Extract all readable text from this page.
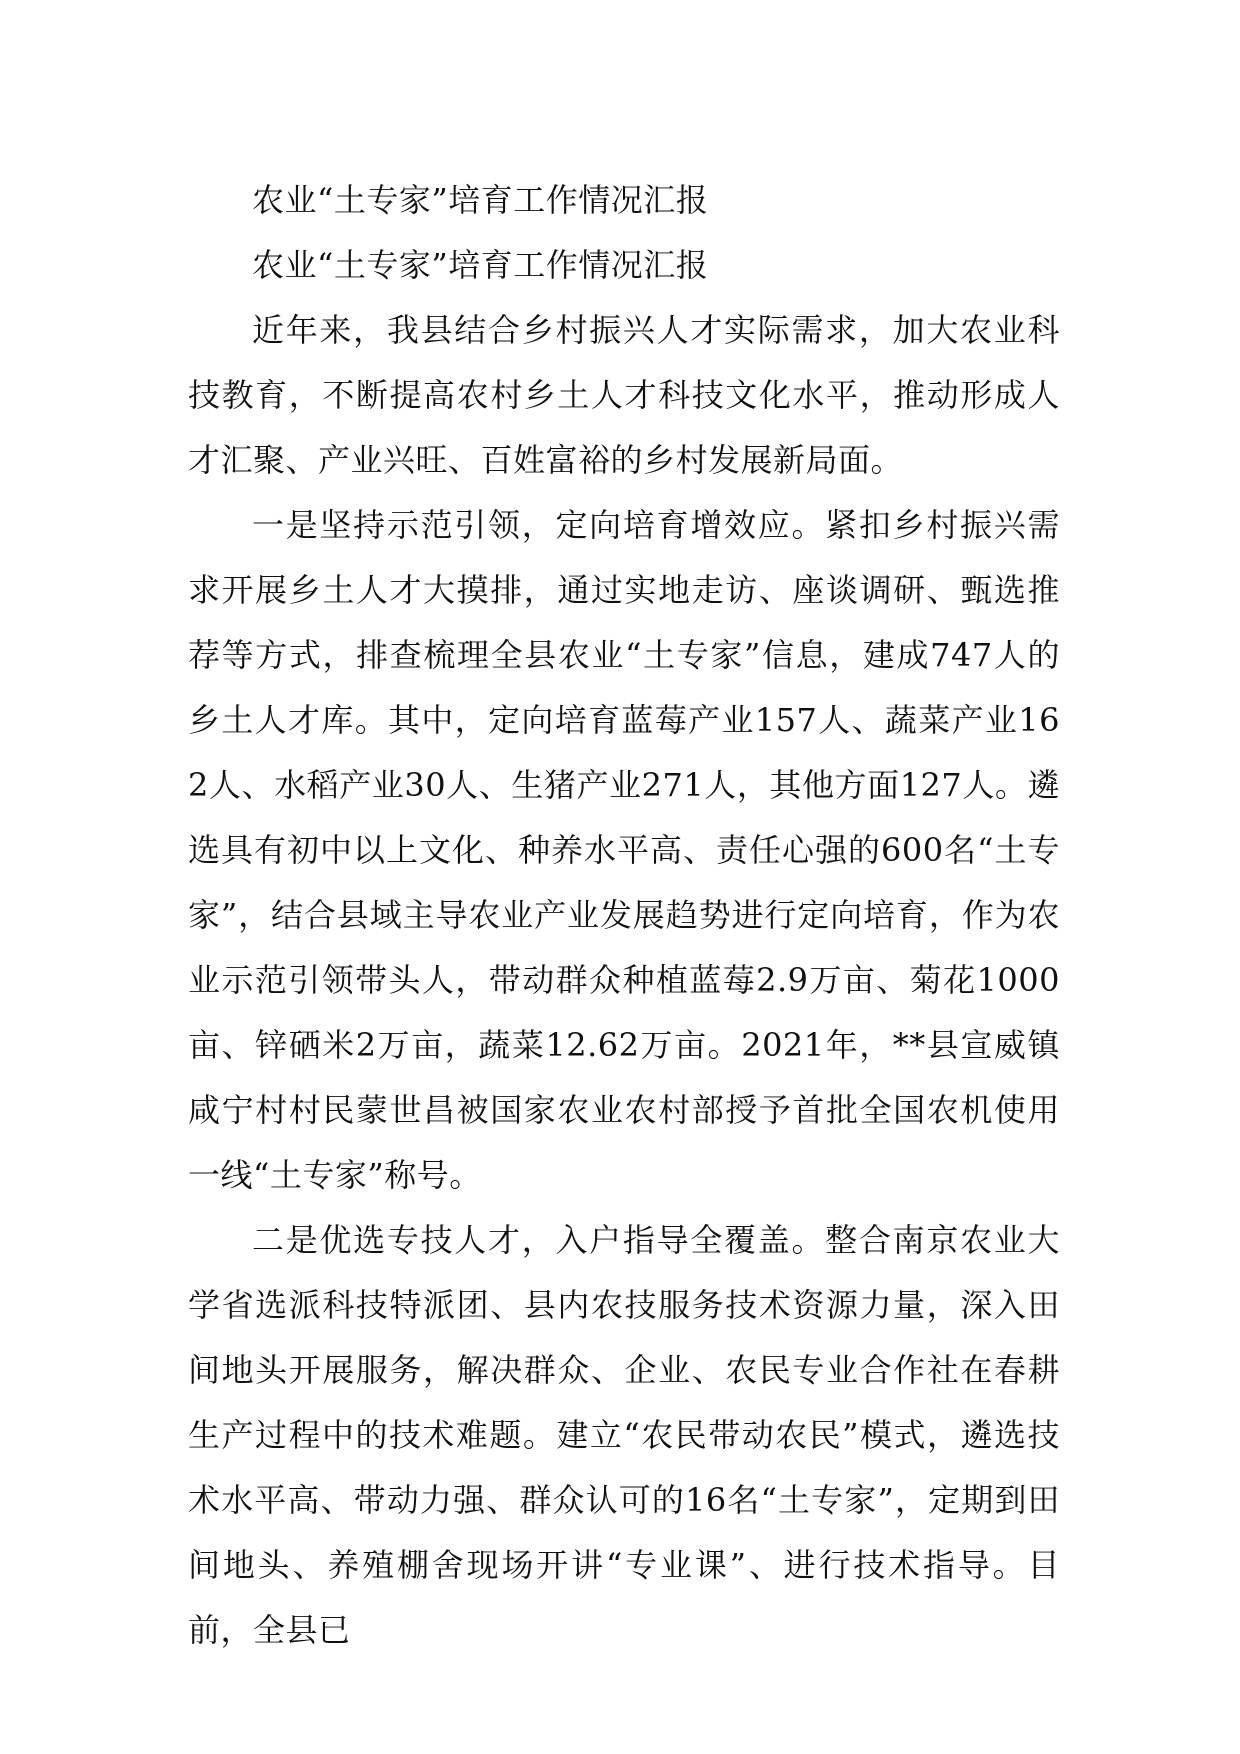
农业“土专家”培育工作情况汇报

农业“土专家”培育工作情况汇报

近年来，我县结合乡村振兴人才实际需求，加大农业科技教育，不断提高农村乡土人才科技文化水平，推动形成人才汇聚、产业兴旺、百姓富裕的乡村发展新局面。

一是坚持示范引领，定向培育增效应。紧扣乡村振兴需求开展乡土人才大摸排，通过实地走访、座谈调研、甄选推荐等方式，排查梳理全县农业“土专家”信息，建成747人的乡土人才库。其中，定向培育蓝莓产业157人、蔬菜产业162人、水稻产业30人、生猪产业271人，其他方面127人。遴选具有初中以上文化、种养水平高、责任心强的600名“土专家”，结合县域主导农业产业发展趋势进行定向培育，作为农业示范引领带头人，带动群众种植蓝莓2.9万亩、菊花1000亩、锌硒米2万亩，蔬菜12.62万亩。2021年，**县宣威镇咸宁村村民蒙世昌被国家农业农村部授予首批全国农机使用一线“土专家”称号。

二是优选专技人才，入户指导全覆盖。整合南京农业大学省选派科技特派团、县内农技服务技术资源力量，深入田间地头开展服务，解决群众、企业、农民专业合作社在春耕生产过程中的技术难题。建立“农民带动农民”模式，遴选技术水平高、带动力强、群众认可的16名“土专家”，定期到田间地头、养殖棚舍现场开讲“专业课”、进行技术指导。目前，全县已
